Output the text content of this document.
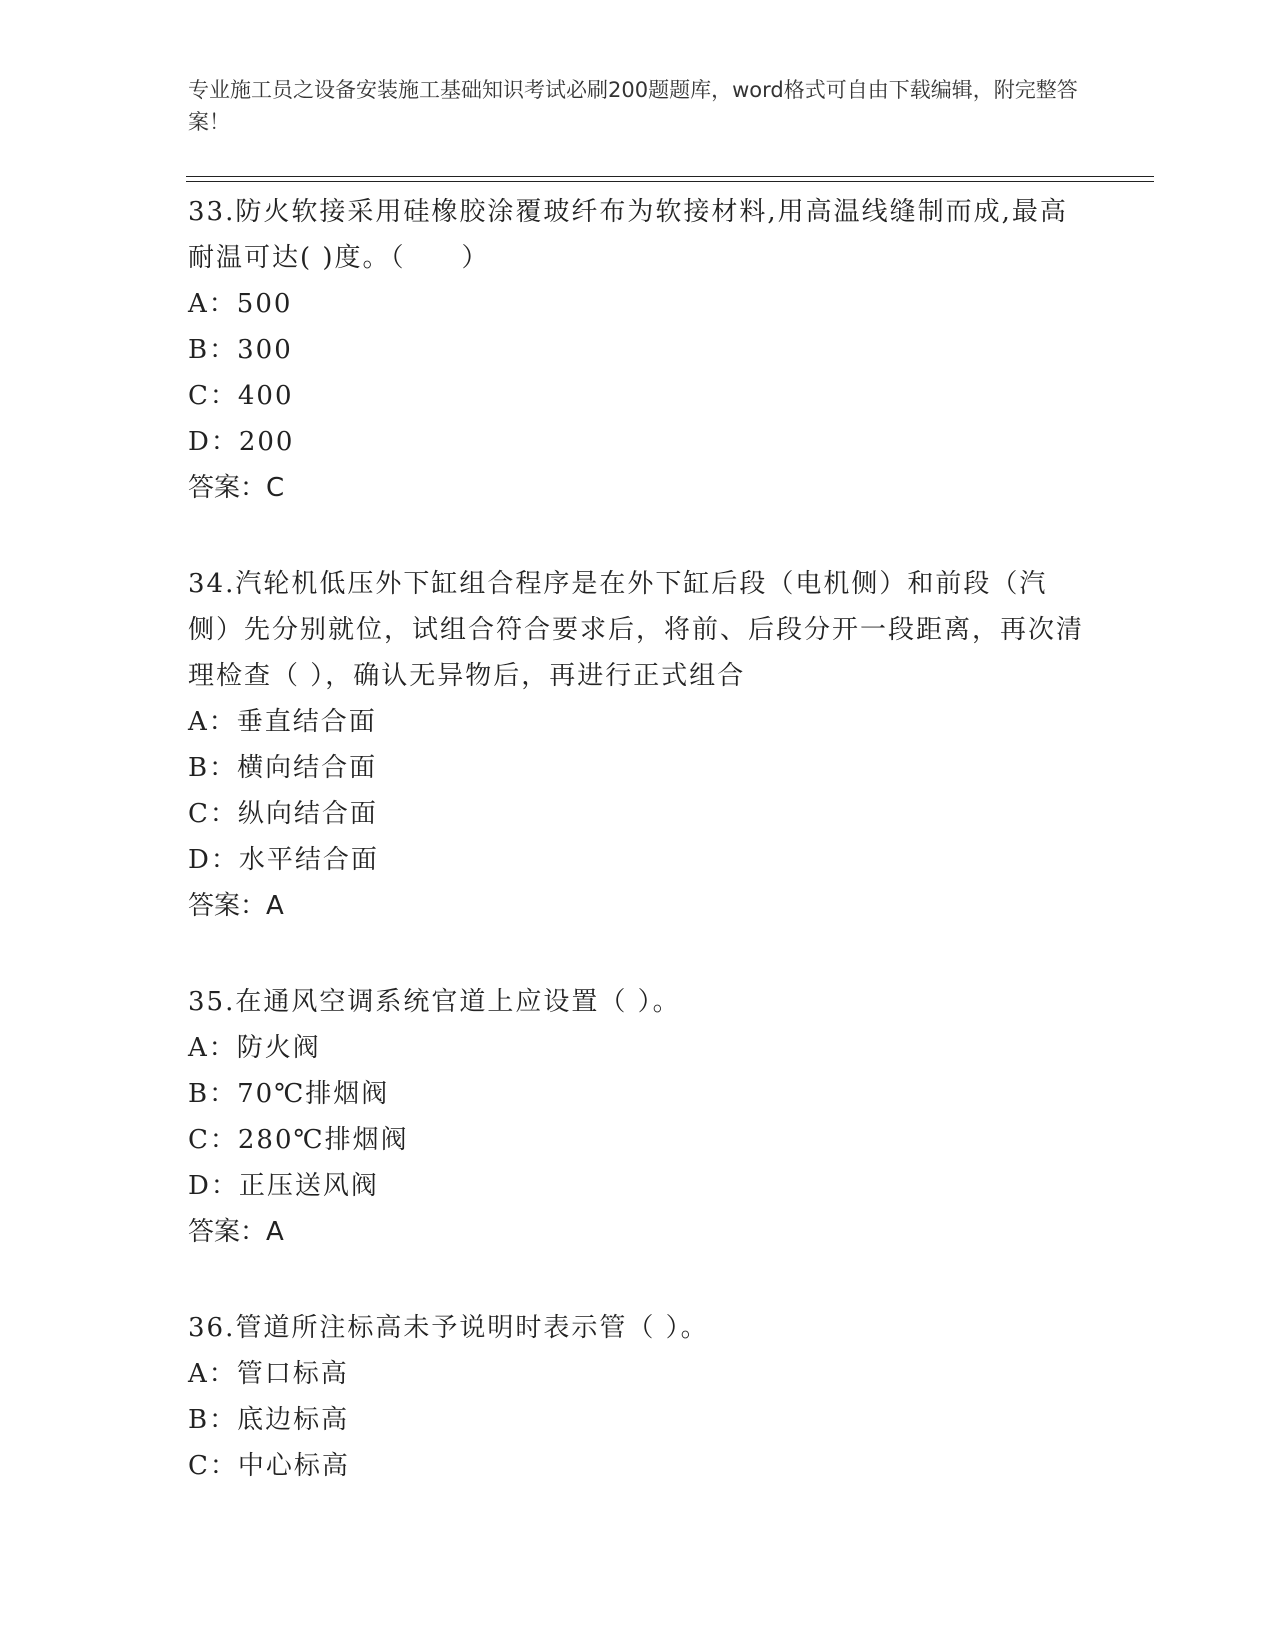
专业施工员之设备安装施工基础知识考试必刷200题题库，word格式可自由下载编辑，附完整答案！

33.防火软接采用硅橡胶涂覆玻纤布为软接材料,用高温线缝制而成,最高耐温可达( )度。（　　）

A：500

B：300

C：400

D：200

答案：C

34.汽轮机低压外下缸组合程序是在外下缸后段（电机侧）和前段（汽侧）先分别就位，试组合符合要求后，将前、后段分开一段距离，再次清理检查（ ），确认无异物后，再进行正式组合

A：垂直结合面

B：横向结合面

C：纵向结合面

D：水平结合面

答案：A

35.在通风空调系统官道上应设置（ ）。

A：防火阀

B：70℃排烟阀

C：280℃排烟阀

D：正压送风阀

答案：A

36.管道所注标高未予说明时表示管（ ）。

A：管口标高

B：底边标高

C：中心标高
